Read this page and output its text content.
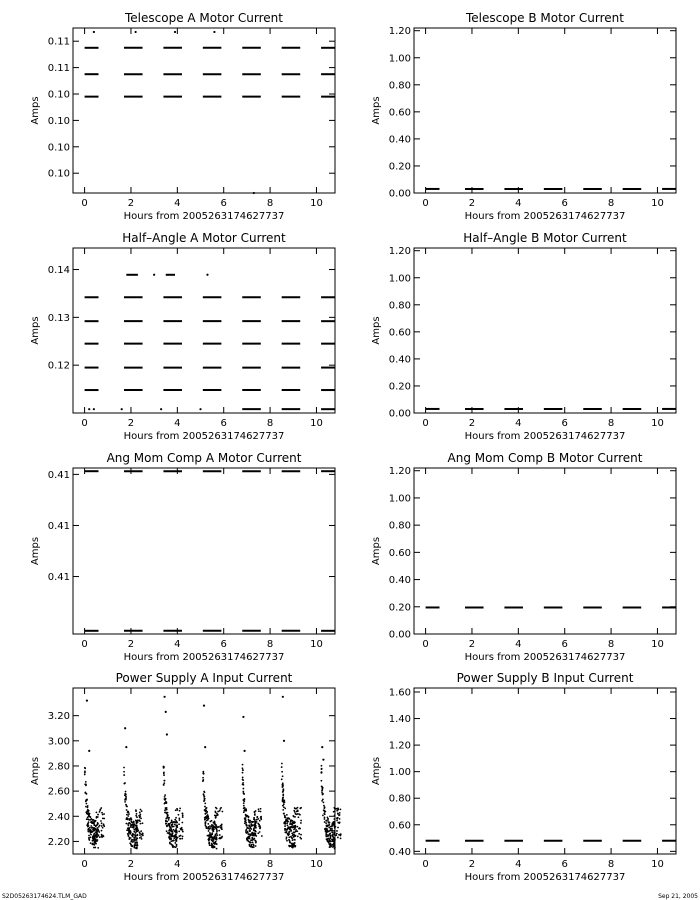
Telescope A Motor Current
0	2	4	6	8	10
0.10
0.10
0.10
0.10
0.11
0.11
Hours from 2005263174627737
Amps
Telescope B Motor Current
0	2	4	6	8	10
0.00
0.20
0.40
0.60
0.80
1.00
1.20
Hours from 2005263174627737
Amps
Half–Angle A Motor Current
0	2	4	6	8	10
0.12
0.13
0.14
Hours from 2005263174627737
Amps
Half–Angle B Motor Current
0	2	4	6	8	10
0.00
0.20
0.40
0.60
0.80
1.00
1.20
Hours from 2005263174627737
Amps
Ang Mom Comp A Motor Current
0	2	4	6	8	10
0.41
0.41
0.41
Hours from 2005263174627737
Amps
Ang Mom Comp B Motor Current
0	2	4	6	8	10
0.00
0.20
0.40
0.60
0.80
1.00
1.20
Hours from 2005263174627737
Amps
Power Supply A Input Current
0	2	4	6	8	10
2.20
2.40
2.60
2.80
3.00
3.20
Hours from 2005263174627737
Amps
Power Supply B Input Current
0	2	4	6	8	10
0.40
0.60
0.80
1.00
1.20
1.40
1.60
Hours from 2005263174627737
Amps
S2D05263174624.TLM_GAD	Sep 21, 2005
